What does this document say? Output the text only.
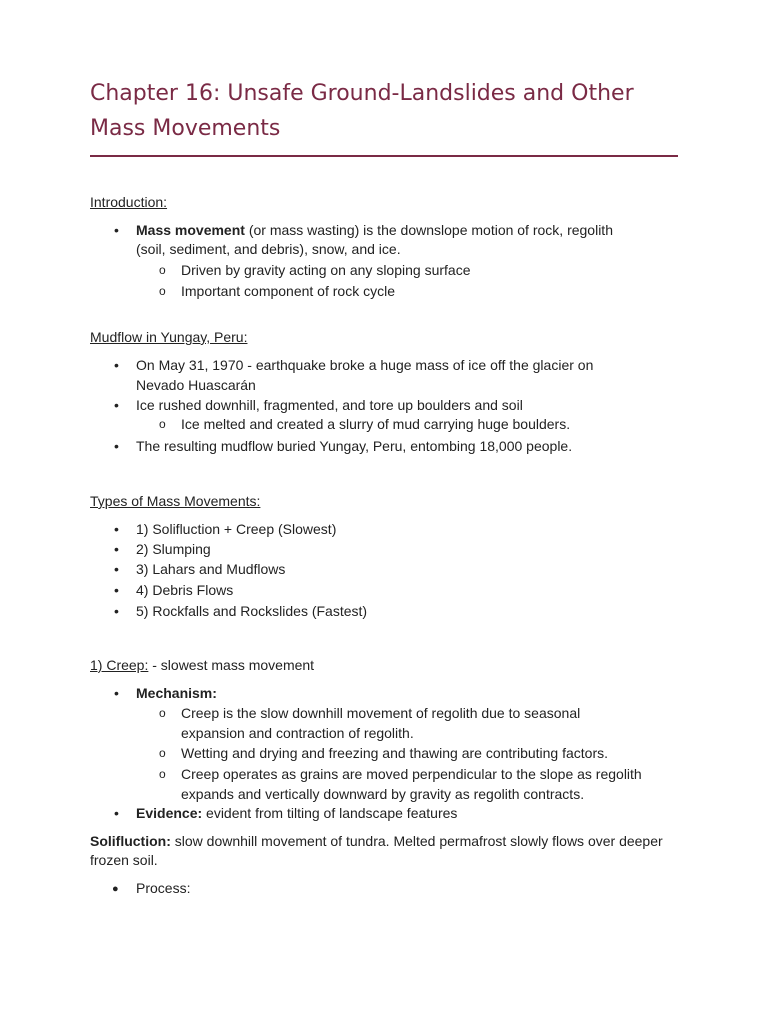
Chapter 16: Unsafe Ground-Landslides and Other Mass Movements
Introduction:
• Mass movement (or mass wasting) is the downslope motion of rock, regolith
(soil, sediment, and debris), snow, and ice.
o Driven by gravity acting on any sloping surface
o Important component of rock cycle
Mudflow in Yungay, Peru:
• On May 31, 1970 - earthquake broke a huge mass of ice off the glacier on
Nevado Huascarán
• Ice rushed downhill, fragmented, and tore up boulders and soil
o Ice melted and created a slurry of mud carrying huge boulders.
• The resulting mudflow buried Yungay, Peru, entombing 18,000 people.
Types of Mass Movements:
• 1) Solifluction + Creep (Slowest)
• 2) Slumping
• 3) Lahars and Mudflows
• 4) Debris Flows
• 5) Rockfalls and Rockslides (Fastest)
1) Creep: - slowest mass movement
• Mechanism:
o Creep is the slow downhill movement of regolith due to seasonal
expansion and contraction of regolith.
o Wetting and drying and freezing and thawing are contributing factors.
o Creep operates as grains are moved perpendicular to the slope as regolith
expands and vertically downward by gravity as regolith contracts.
• Evidence: evident from tilting of landscape features
Solifluction: slow downhill movement of tundra. Melted permafrost slowly flows over deeper frozen soil.
● Process:
